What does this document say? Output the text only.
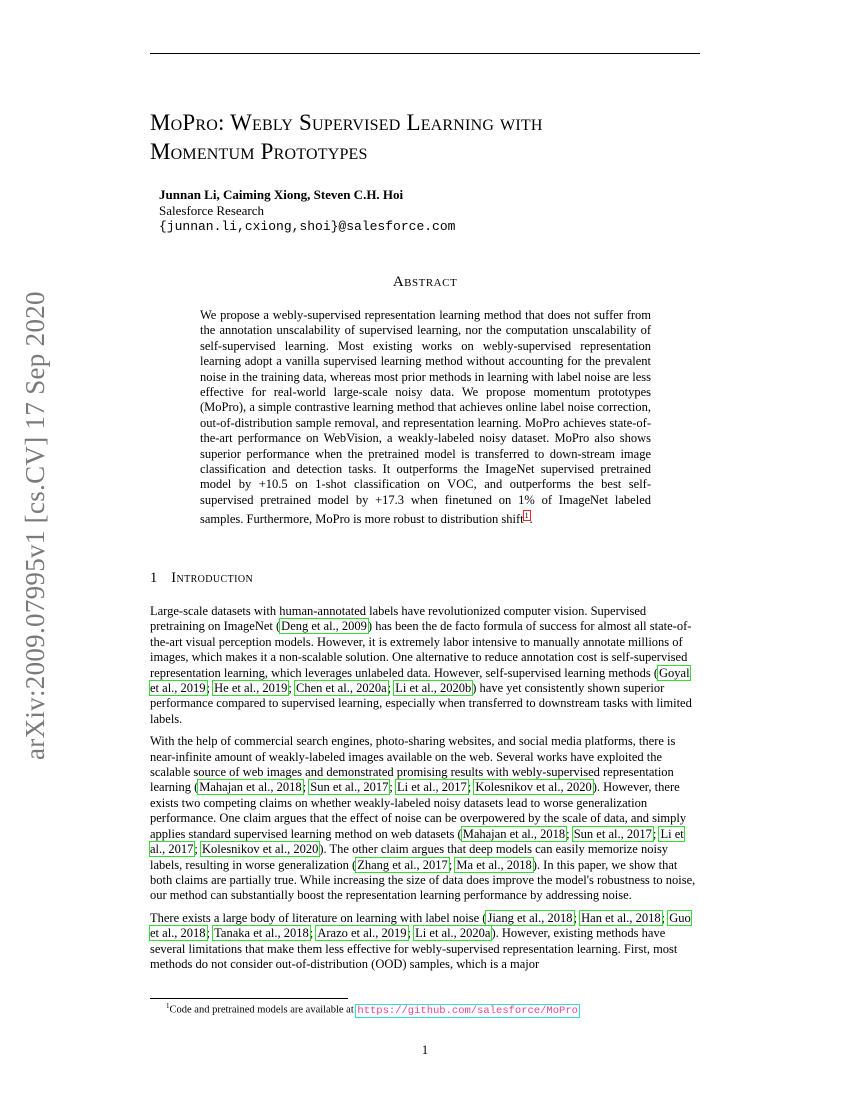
arXiv:2009.07995v1 [cs.CV] 17 Sep 2020
MoPro: Webly Supervised Learning with
Momentum Prototypes
Junnan Li, Caiming Xiong, Steven C.H. Hoi
Salesforce Research
{junnan.li,cxiong,shoi}@salesforce.com
Abstract
We propose a webly-supervised representation learning method that does not suffer from the annotation unscalability of supervised learning, nor the computation unscalability of self-supervised learning. Most existing works on webly-supervised representation learning adopt a vanilla supervised learning method without accounting for the prevalent noise in the training data, whereas most prior methods in learning with label noise are less effective for real-world large-scale noisy data. We propose momentum prototypes (MoPro), a simple contrastive learning method that achieves online label noise correction, out-of-distribution sample removal, and representation learning. MoPro achieves state-of-the-art performance on WebVision, a weakly-labeled noisy dataset. MoPro also shows superior performance when the pretrained model is transferred to down-stream image classification and detection tasks. It outperforms the ImageNet supervised pretrained model by +10.5 on 1-shot classification on VOC, and outperforms the best self-supervised pretrained model by +17.3 when finetuned on 1% of ImageNet labeled samples. Furthermore, MoPro is more robust to distribution shift$^1$.
1 Introduction

Large-scale datasets with human-annotated labels have revolutionized computer vision. Supervised pretraining on ImageNet (Deng et al., 2009) has been the de facto formula of success for almost all state-of-the-art visual perception models. However, it is extremely labor intensive to manually annotate millions of images, which makes it a non-scalable solution. One alternative to reduce annotation cost is self-supervised representation learning, which leverages unlabeled data. However, self-supervised learning methods (Goyal et al., 2019; He et al., 2019; Chen et al., 2020a; Li et al., 2020b) have yet consistently shown superior performance compared to supervised learning, especially when transferred to downstream tasks with limited labels.

With the help of commercial search engines, photo-sharing websites, and social media platforms, there is near-infinite amount of weakly-labeled images available on the web. Several works have exploited the scalable source of web images and demonstrated promising results with webly-supervised representation learning (Mahajan et al., 2018; Sun et al., 2017; Li et al., 2017; Kolesnikov et al., 2020). However, there exists two competing claims on whether weakly-labeled noisy datasets lead to worse generalization performance. One claim argues that the effect of noise can be overpowered by the scale of data, and simply applies standard supervised learning method on web datasets (Mahajan et al., 2018; Sun et al., 2017; Li et al., 2017; Kolesnikov et al., 2020). The other claim argues that deep models can easily memorize noisy labels, resulting in worse generalization (Zhang et al., 2017; Ma et al., 2018). In this paper, we show that both claims are partially true. While increasing the size of data does improve the model's robustness to noise, our method can substantially boost the representation learning performance by addressing noise.

There exists a large body of literature on learning with label noise (Jiang et al., 2018; Han et al., 2018; Guo et al., 2018; Tanaka et al., 2018; Arazo et al., 2019; Li et al., 2020a). However, existing methods have several limitations that make them less effective for webly-supervised representation learning. First, most methods do not consider out-of-distribution (OOD) samples, which is a major

$^1$Code and pretrained models are available at https://github.com/salesforce/MoPro
1
